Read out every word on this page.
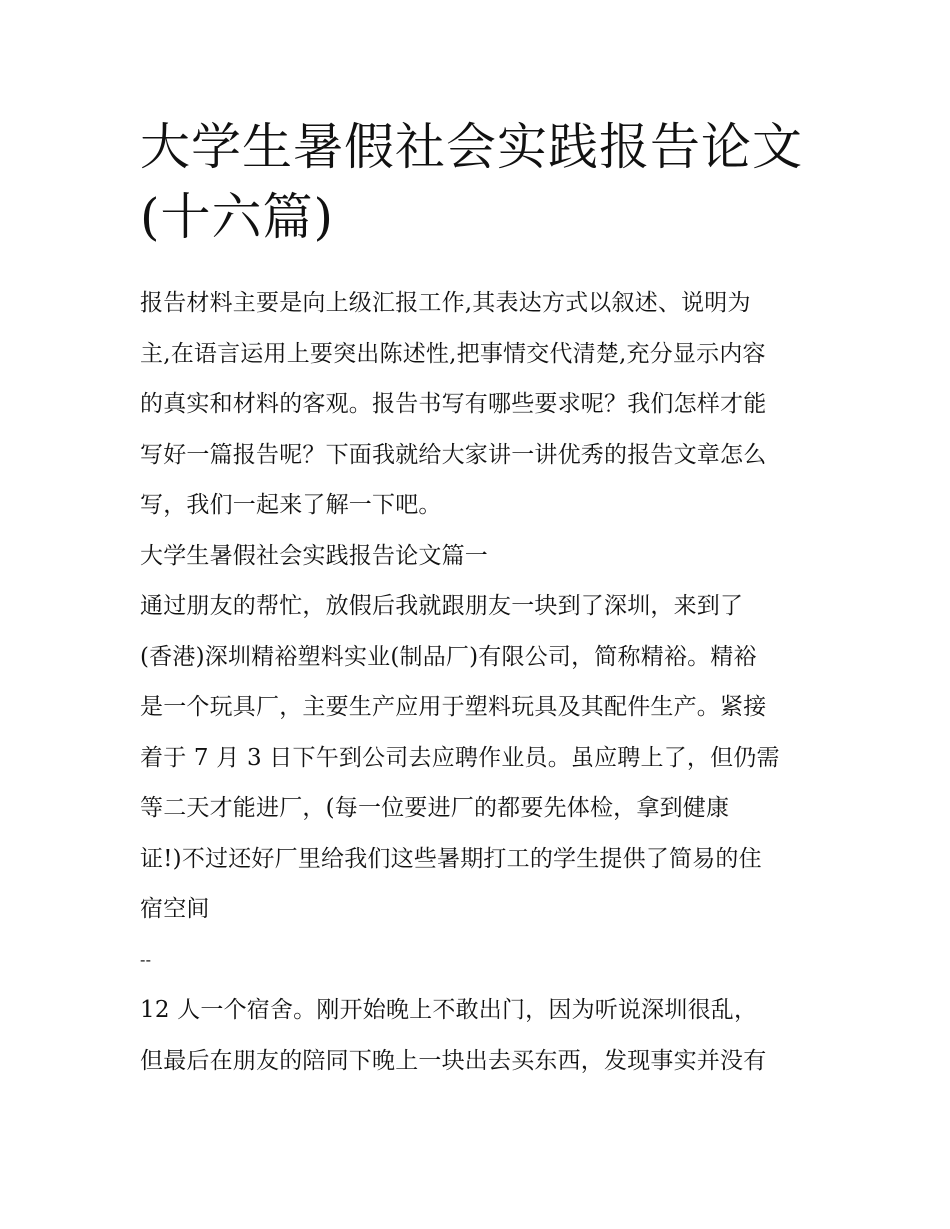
大学生暑假社会实践报告论文
(十六篇)
报告材料主要是向上级汇报工作,其表达方式以叙述、说明为
主,在语言运用上要突出陈述性,把事情交代清楚,充分显示内容
的真实和材料的客观。报告书写有哪些要求呢？我们怎样才能
写好一篇报告呢？下面我就给大家讲一讲优秀的报告文章怎么
写，我们一起来了解一下吧。
大学生暑假社会实践报告论文篇一
通过朋友的帮忙，放假后我就跟朋友一块到了深圳，来到了
(香港)深圳精裕塑料实业(制品厂)有限公司，简称精裕。精裕
是一个玩具厂，主要生产应用于塑料玩具及其配件生产。紧接
着于 7 月 3 日下午到公司去应聘作业员。虽应聘上了，但仍需
等二天才能进厂，(每一位要进厂的都要先体检，拿到健康
证!)不过还好厂里给我们这些暑期打工的学生提供了简易的住
宿空间
--
12 人一个宿舍。刚开始晚上不敢出门，因为听说深圳很乱，
但最后在朋友的陪同下晚上一块出去买东西，发现事实并没有
